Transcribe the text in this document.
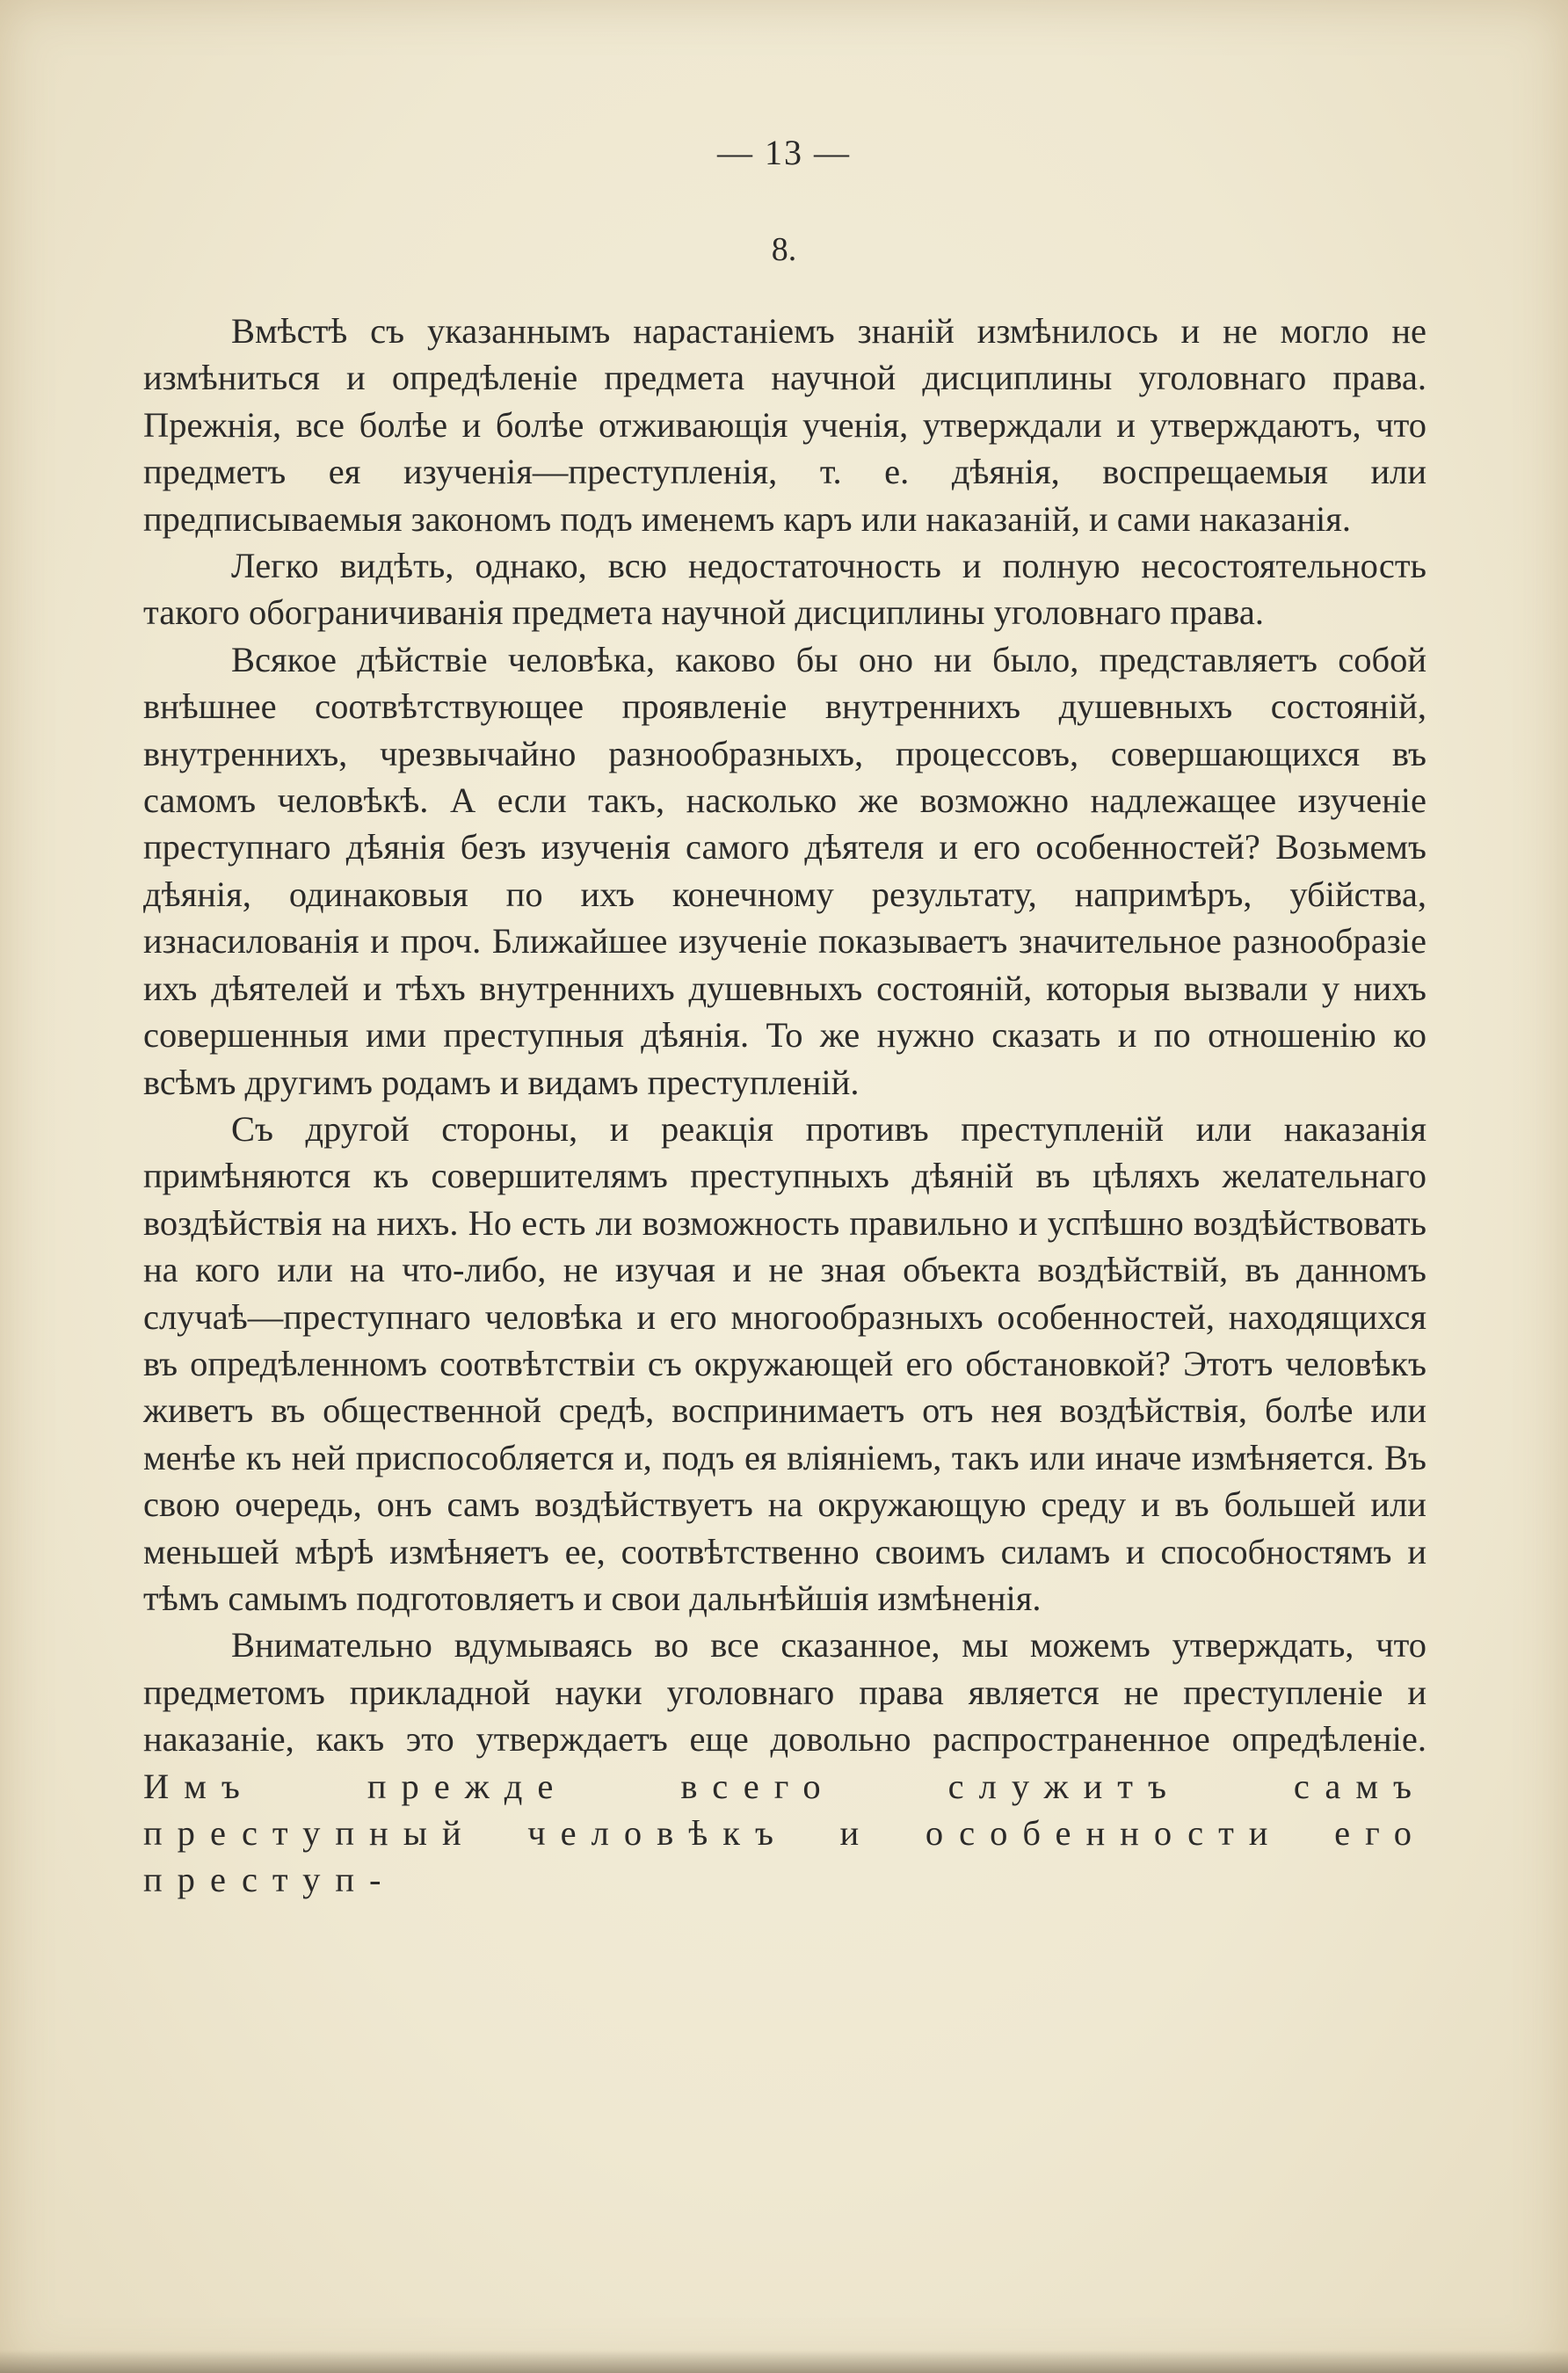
— 13 —
8.

Вмѣстѣ съ указаннымъ нарастаніемъ знаній измѣнилось и не могло не измѣниться и опредѣленіе предмета научной дисциплины уголовнаго права. Прежнія, все болѣе и болѣе отживающія ученія, утверждали и утверждаютъ, что предметъ ея изученія—преступленія, т. е. дѣянія, воспрещаемыя или предписываемыя закономъ подъ именемъ каръ или наказаній, и сами наказанія.

Легко видѣть, однако, всю недостаточность и полную несостоятельность такого обограничиванія предмета научной дисциплины уголовнаго права.

Всякое дѣйствіе человѣка, каково бы оно ни было, представляетъ собой внѣшнее соотвѣтствующее проявленіе внутреннихъ душевныхъ состояній, внутреннихъ, чрезвычайно разнообразныхъ, процессовъ, совершающихся въ самомъ человѣкѣ. А если такъ, насколько же возможно надлежащее изученіе преступнаго дѣянія безъ изученія самого дѣятеля и его особенностей? Возьмемъ дѣянія, одинаковыя по ихъ конечному результату, напримѣръ, убійства, изнасилованія и проч. Ближайшее изученіе показываетъ значительное разнообразіе ихъ дѣятелей и тѣхъ внутреннихъ душевныхъ состояній, которыя вызвали у нихъ совершенныя ими преступныя дѣянія. То же нужно сказать и по отношенію ко всѣмъ другимъ родамъ и видамъ преступленій.

Съ другой стороны, и реакція противъ преступленій или наказанія примѣняются къ совершителямъ преступныхъ дѣяній въ цѣляхъ желательнаго воздѣйствія на нихъ. Но есть ли возможность правильно и успѣшно воздѣйствовать на кого или на что-либо, не изучая и не зная объекта воздѣйствій, въ данномъ случаѣ—преступнаго человѣка и его многообразныхъ особенностей, находящихся въ опредѣленномъ соотвѣтствіи съ окружающей его обстановкой? Этотъ человѣкъ живетъ въ общественной средѣ, воспринимаетъ отъ нея воздѣйствія, болѣе или менѣе къ ней приспособляется и, подъ ея вліяніемъ, такъ или иначе измѣняется. Въ свою очередь, онъ самъ воздѣйствуетъ на окружающую среду и въ большей или меньшей мѣрѣ измѣняетъ ее, соотвѣтственно своимъ силамъ и способностямъ и тѣмъ самымъ подготовляетъ и свои дальнѣйшія измѣненія.

Внимательно вдумываясь во все сказанное, мы можемъ утверждать, что предметомъ прикладной науки уголовнаго права является не преступленіе и наказаніе, какъ это утверждаетъ еще довольно распространенное опредѣленіе. Имъ прежде всего служитъ самъ преступный человѣкъ и особенности его преступ-
